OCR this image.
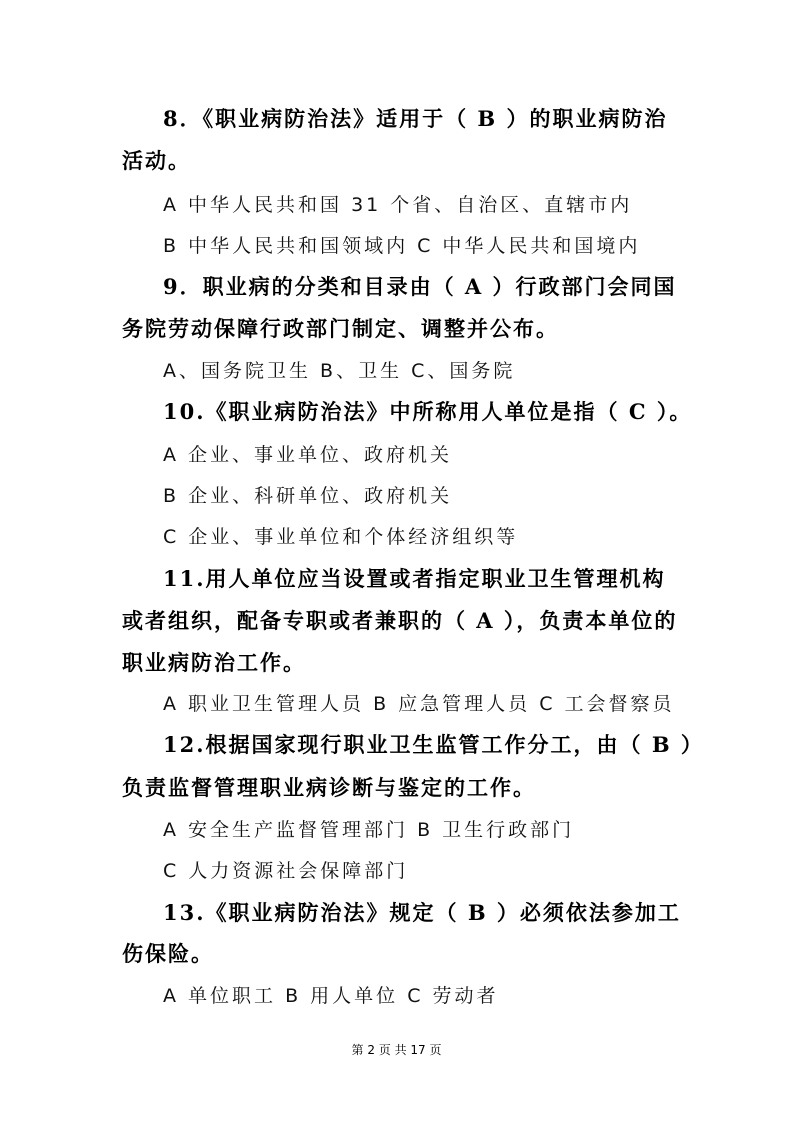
8．《职业病防治法》适用于（ B ）的职业病防治
活动。
A 中华人民共和国 31 个省、自治区、直辖市内
B 中华人民共和国领域内 C 中华人民共和国境内
9．职业病的分类和目录由（ A ）行政部门会同国
务院劳动保障行政部门制定、调整并公布。
A、国务院卫生 B、卫生 C、国务院
10.《职业病防治法》中所称用人单位是指（ C ）。
A 企业、事业单位、政府机关
B 企业、科研单位、政府机关
C 企业、事业单位和个体经济组织等
11.用人单位应当设置或者指定职业卫生管理机构
或者组织，配备专职或者兼职的（ A ），负责本单位的
职业病防治工作。
A 职业卫生管理人员 B 应急管理人员 C 工会督察员
12.根据国家现行职业卫生监管工作分工，由（ B ）
负责监督管理职业病诊断与鉴定的工作。
A 安全生产监督管理部门 B 卫生行政部门
C 人力资源社会保障部门
13.《职业病防治法》规定（ B ）必须依法参加工
伤保险。
A 单位职工 B 用人单位 C 劳动者
第 2 页 共 17 页
